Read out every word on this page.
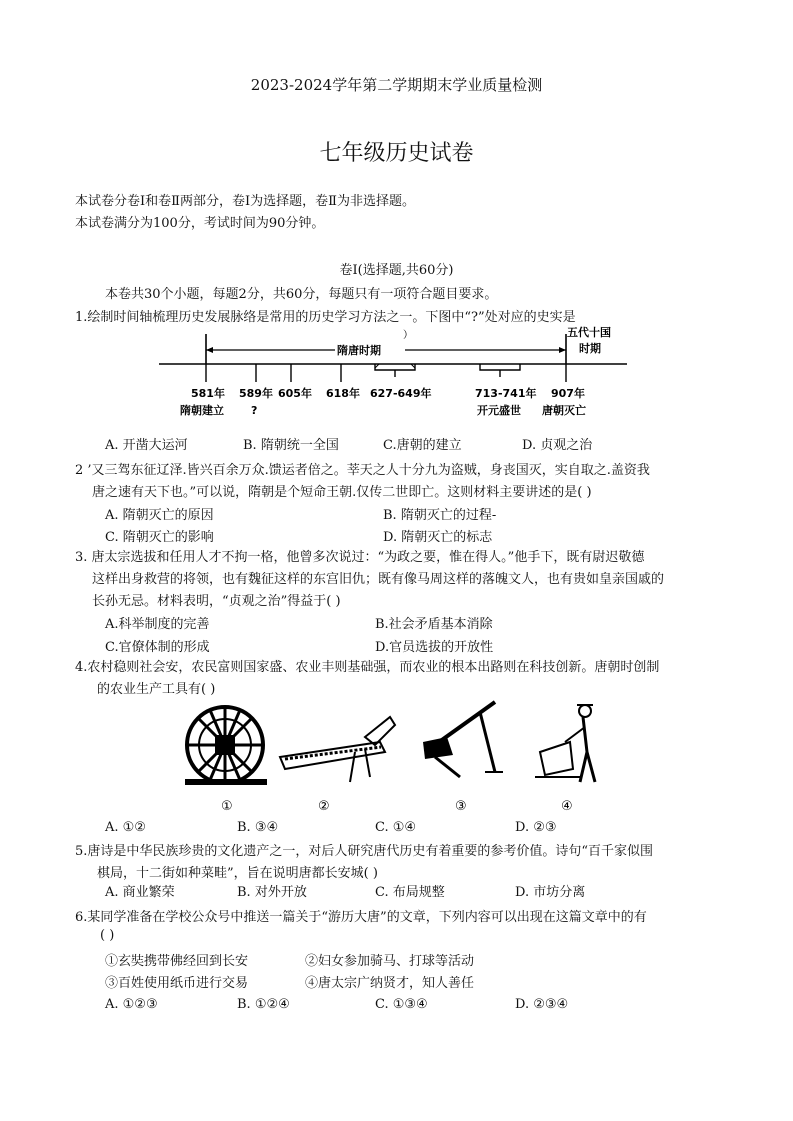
2023-2024学年第二学期期末学业质量检测
七年级历史试卷
本试卷分卷Ⅰ和卷Ⅱ两部分，卷Ⅰ为选择题，卷Ⅱ为非选择题。
本试卷满分为100分，考试时间为90分钟。
卷Ⅰ(选择题,共60分)
本卷共30个小题，每题2分，共60分，每题只有一项符合题目要求。
1.绘制时间轴梳理历史发展脉络是常用的历史学习方法之一。下图中“?”处对应的史实是
隋唐时期
）
581年 589年 605年 618年 627-649年	713-741年 907年
隋朝建立 ?	开元盛世 唐朝灭亡
五代十国
时期
A. 开凿大运河	B. 隋朝统一全国	C.唐朝的建立	D. 贞观之治
2 ’又三驾东征辽泽.皆兴百余万众.馈运者倍之。莘天之人十分九为盗贼，身丧国灭，实自取之.盖资我
唐之速有天下也。”可以说，隋朝是个短命王朝.仅传二世即亡。这则材料主要讲述的是( )
A. 隋朝灭亡的原因	B. 隋朝灭亡的过程-
C. 隋朝灭亡的影响	D. 隋朝灭亡的标志
3. 唐太宗选拔和任用人才不拘一格，他曾多次说过：“为政之要，惟在得人。”他手下，既有尉迟敬德
这样出身救营的将领，也有魏征这样的东宫旧仇；既有像马周这样的落魄文人，也有贵如皇亲国戚的
长孙无忌。材料表明，“贞观之治”得益于( )
A.科举制度的完善	B.社会矛盾基本消除
C.官僚体制的形成	D.官员选拔的开放性
4.农村稳则社会安，农民富则国家盛、农业丰则基础强，而农业的根本出路则在科技创新。唐朝时创制
的农业生产工具有( )
①	②	③	④
A. ①②	B. ③④	C. ①④	D. ②③
5.唐诗是中华民族珍贵的文化遗产之一，对后人研究唐代历史有着重要的参考价值。诗句“百千家似围
棋局，十二街如种菜畦”，旨在说明唐都长安城( )
A. 商业繁荣	B. 对外开放	C. 布局规整	D. 市坊分离
6.某同学准备在学校公众号中推送一篇关于“游历大唐”的文章，下列内容可以出现在这篇文章中的有
( )
①玄奘携带佛经回到长安	②妇女参加骑马、打球等活动
③百姓使用纸币进行交易	④唐太宗广纳贤才，知人善任
A. ①②③	B. ①②④	C. ①③④	D. ②③④
